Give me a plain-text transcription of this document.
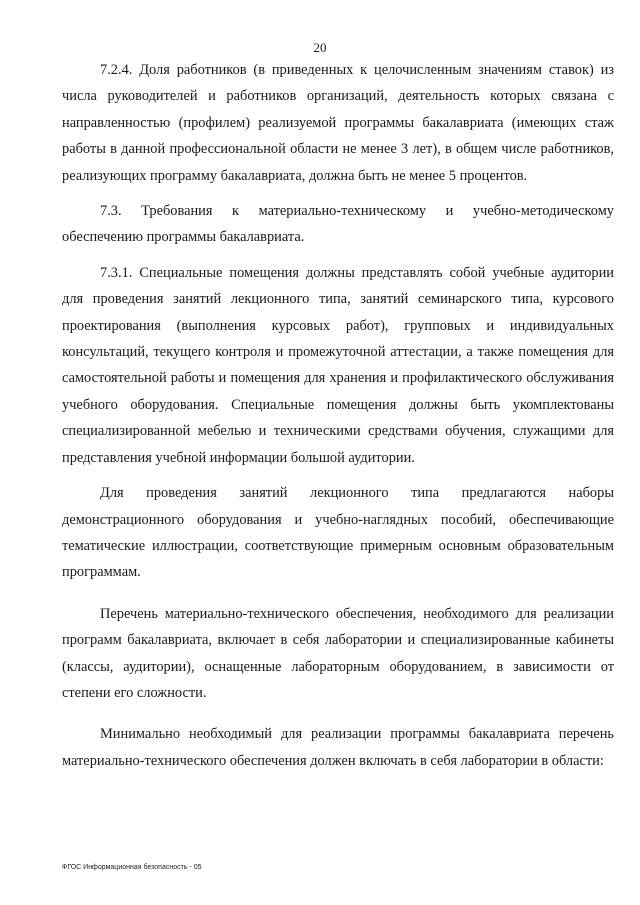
20

7.2.4. Доля работников (в приведенных к целочисленным значениям ставок) из числа руководителей и работников организаций, деятельность которых связана с направленностью (профилем) реализуемой программы бакалавриата (имеющих стаж работы в данной профессиональной области не менее 3 лет), в общем числе работников, реализующих программу бакалавриата, должна быть не менее 5 процентов.

7.3. Требования к материально-техническому и учебно-методическому обеспечению программы бакалавриата.

7.3.1. Специальные помещения должны представлять собой учебные аудитории для проведения занятий лекционного типа, занятий семинарского типа, курсового проектирования (выполнения курсовых работ), групповых и индивидуальных консультаций, текущего контроля и промежуточной аттестации, а также помещения для самостоятельной работы и помещения для хранения и профилактического обслуживания учебного оборудования. Специальные помещения должны быть укомплектованы специализированной мебелью и техническими средствами обучения, служащими для представления учебной информации большой аудитории.

Для проведения занятий лекционного типа предлагаются наборы демонстрационного оборудования и учебно-наглядных пособий, обеспечивающие тематические иллюстрации, соответствующие примерным основным образовательным программам.

Перечень материально-технического обеспечения, необходимого для реализации программ бакалавриата, включает в себя лаборатории и специализированные кабинеты (классы, аудитории), оснащенные лабораторным оборудованием, в зависимости от степени его сложности.

Минимально необходимый для реализации программы бакалавриата перечень материально-технического обеспечения должен включать в себя лаборатории в области:

ФГОС Информационная безопасность - 05
